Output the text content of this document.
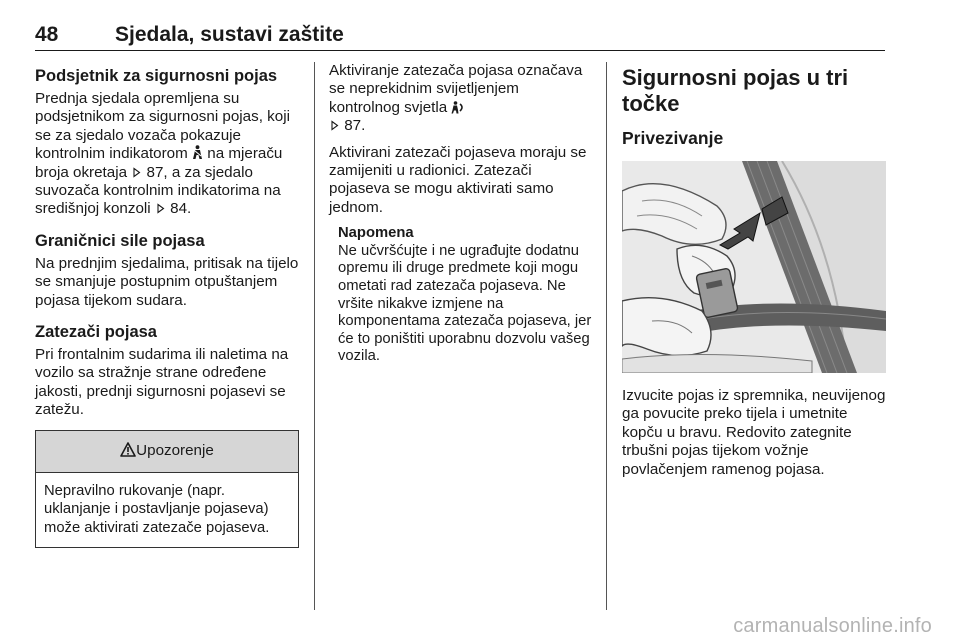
48	Sjedala, sustavi zaštite
Podsjetnik za sigurnosni pojas

Prednja sjedala opremljena su podsjetnikom za sigurnosni pojas, koji se za sjedalo vozača pokazuje kontrolnim indikatorom na mjeraču broja okretaja 87, a za sjedalo suvozača kontrolnim indikatorima na središnjoj konzoli 84.

Graničnici sile pojasa

Na prednjim sjedalima, pritisak na tijelo se smanjuje postupnim otpuštanjem pojasa tijekom sudara.

Zatezači pojasa

Pri frontalnim sudarima ili naletima na vozilo sa stražnje strane određene jakosti, prednji sigurnosni pojasevi se zatežu.

Upozorenje
Nepravilno rukovanje (napr. uklanjanje i postavljanje pojaseva) može aktivirati zatezače pojaseva.

Aktiviranje zatezača pojasa označava se neprekidnim svijetljenjem kontrolnog svjetla
87.

Aktivirani zatezači pojaseva moraju se zamijeniti u radionici. Zatezači pojaseva se mogu aktivirati samo jednom.

Napomena
Ne učvršćujte i ne ugrađujte dodatnu opremu ili druge predmete koji mogu ometati rad zatezača pojaseva. Ne vršite nikakve izmjene na komponentama zatezača pojaseva, jer će to poništiti uporabnu dozvolu vašeg vozila.
Sigurnosni pojas u tri točke
Privezivanje

Izvucite pojas iz spremnika, neuvijenog ga povucite preko tijela i umetnite kopču u bravu. Redovito zategnite trbušni pojas tijekom vožnje povlačenjem ramenog pojasa.

carmanualsonline.info
